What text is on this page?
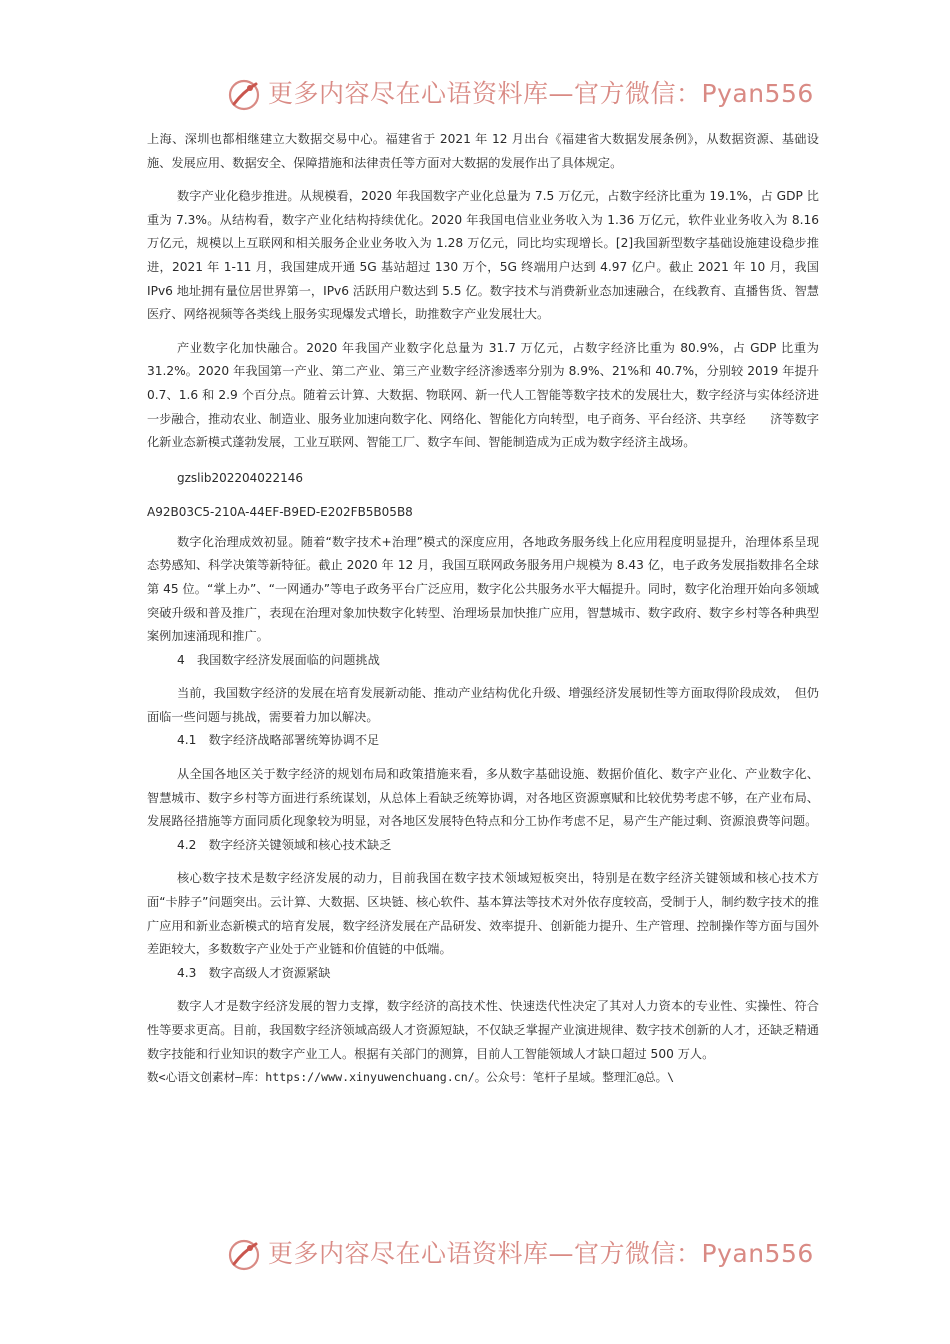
更多内容尽在心语资料库—官方微信：Pyan556

上海、深圳也都相继建立大数据交易中心。福建省于 2021 年 12 月出台《福建省大数据发展条例》，从数据资源、基础设施、发展应用、数据安全、保障措施和法律责任等方面对大数据的发展作出了具体规定。

数字产业化稳步推进。从规模看，2020 年我国数字产业化总量为 7.5 万亿元，占数字经济比重为 19.1%，占 GDP 比重为 7.3%。从结构看，数字产业化结构持续优化。2020 年我国电信业业务收入为 1.36 万亿元，软件业业务收入为 8.16 万亿元，规模以上互联网和相关服务企业业务收入为 1.28 万亿元，同比均实现增长。[2]我国新型数字基础设施建设稳步推进，2021 年 1-11 月，我国建成开通 5G 基站超过 130 万个，5G 终端用户达到 4.97 亿户。截止 2021 年 10 月，我国 IPv6 地址拥有量位居世界第一，IPv6 活跃用户数达到 5.5 亿。数字技术与消费新业态加速融合，在线教育、直播售货、智慧医疗、网络视频等各类线上服务实现爆发式增长，助推数字产业发展壮大。

产业数字化加快融合。2020 年我国产业数字化总量为 31.7 万亿元，占数字经济比重为 80.9%，占 GDP 比重为 31.2%。2020 年我国第一产业、第二产业、第三产业数字经济渗透率分别为 8.9%、21%和 40.7%，分别较 2019 年提升 0.7、1.6 和 2.9 个百分点。随着云计算、大数据、物联网、新一代人工智能等数字技术的发展壮大，数字经济与实体经济进一步融合，推动农业、制造业、服务业加速向数字化、网络化、智能化方向转型，电子商务、平台经济、共享经　　济等数字化新业态新模式蓬勃发展，工业互联网、智能工厂、数字车间、智能制造成为正成为数字经济主战场。

gzslib202204022146

A92B03C5-210A-44EF-B9ED-E202FB5B05B8

数字化治理成效初显。随着“数字技术+治理”模式的深度应用，各地政务服务线上化应用程度明显提升，治理体系呈现态势感知、科学决策等新特征。截止 2020 年 12 月，我国互联网政务服务用户规模为 8.43 亿，电子政务发展指数排名全球第 45 位。“掌上办”、“一网通办”等电子政务平台广泛应用，数字化公共服务水平大幅提升。同时，数字化治理开始向多领域突破升级和普及推广，表现在治理对象加快数字化转型、治理场景加快推广应用，智慧城市、数字政府、数字乡村等各种典型案例加速涌现和推广。

4　我国数字经济发展面临的问题挑战

当前，我国数字经济的发展在培育发展新动能、推动产业结构优化升级、增强经济发展韧性等方面取得阶段成效，　但仍面临一些问题与挑战，需要着力加以解决。

4.1　数字经济战略部署统筹协调不足

从全国各地区关于数字经济的规划布局和政策措施来看，多从数字基础设施、数据价值化、数字产业化、产业数字化、智慧城市、数字乡村等方面进行系统谋划，从总体上看缺乏统筹协调，对各地区资源禀赋和比较优势考虑不够，在产业布局、发展路径措施等方面同质化现象较为明显，对各地区发展特色特点和分工协作考虑不足，易产生产能过剩、资源浪费等问题。

4.2　数字经济关键领域和核心技术缺乏

核心数字技术是数字经济发展的动力，目前我国在数字技术领域短板突出，特别是在数字经济关键领域和核心技术方面“卡脖子”问题突出。云计算、大数据、区块链、核心软件、基本算法等技术对外依存度较高，受制于人，制约数字技术的推广应用和新业态新模式的培育发展，数字经济发展在产品研发、效率提升、创新能力提升、生产管理、控制操作等方面与国外差距较大，多数数字产业处于产业链和价值链的中低端。

4.3　数字高级人才资源紧缺

数字人才是数字经济发展的智力支撑，数字经济的高技术性、快速迭代性决定了其对人力资本的专业性、实操性、符合性等要求更高。目前，我国数字经济领域高级人才资源短缺，不仅缺乏掌握产业演进规律、数字技术创新的人才，还缺乏精通数字技能和行业知识的数字产业工人。根据有关部门的测算，目前人工智能领域人才缺口超过 500 万人。

数<心语文创素材—库：https://www.xinyuwenchuang.cn/。公众号：笔杆子星域。整理汇@总。\

更多内容尽在心语资料库—官方微信：Pyan556
